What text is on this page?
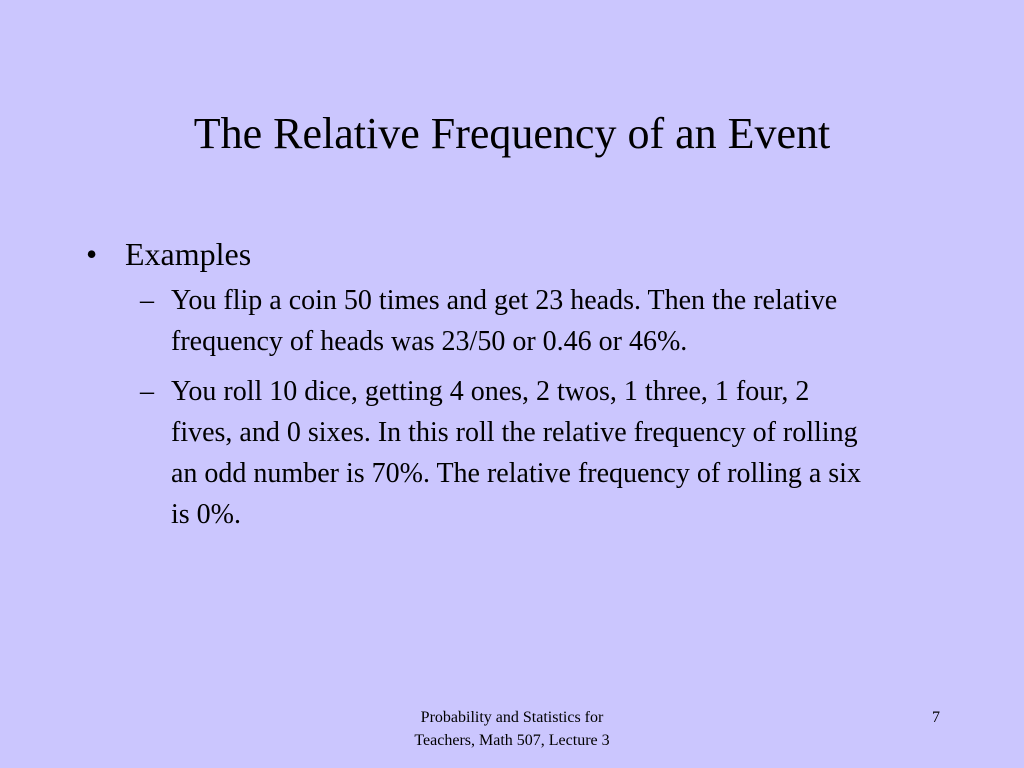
The Relative Frequency of an Event
• Examples
– You flip a coin 50 times and get 23 heads. Then the relative frequency of heads was 23/50 or 0.46 or 46%.
– You roll 10 dice, getting 4 ones, 2 twos, 1 three, 1 four, 2 fives, and 0 sixes. In this roll the relative frequency of rolling an odd number is 70%. The relative frequency of rolling a six is 0%.
Probability and Statistics for
Teachers, Math 507, Lecture 3
7
